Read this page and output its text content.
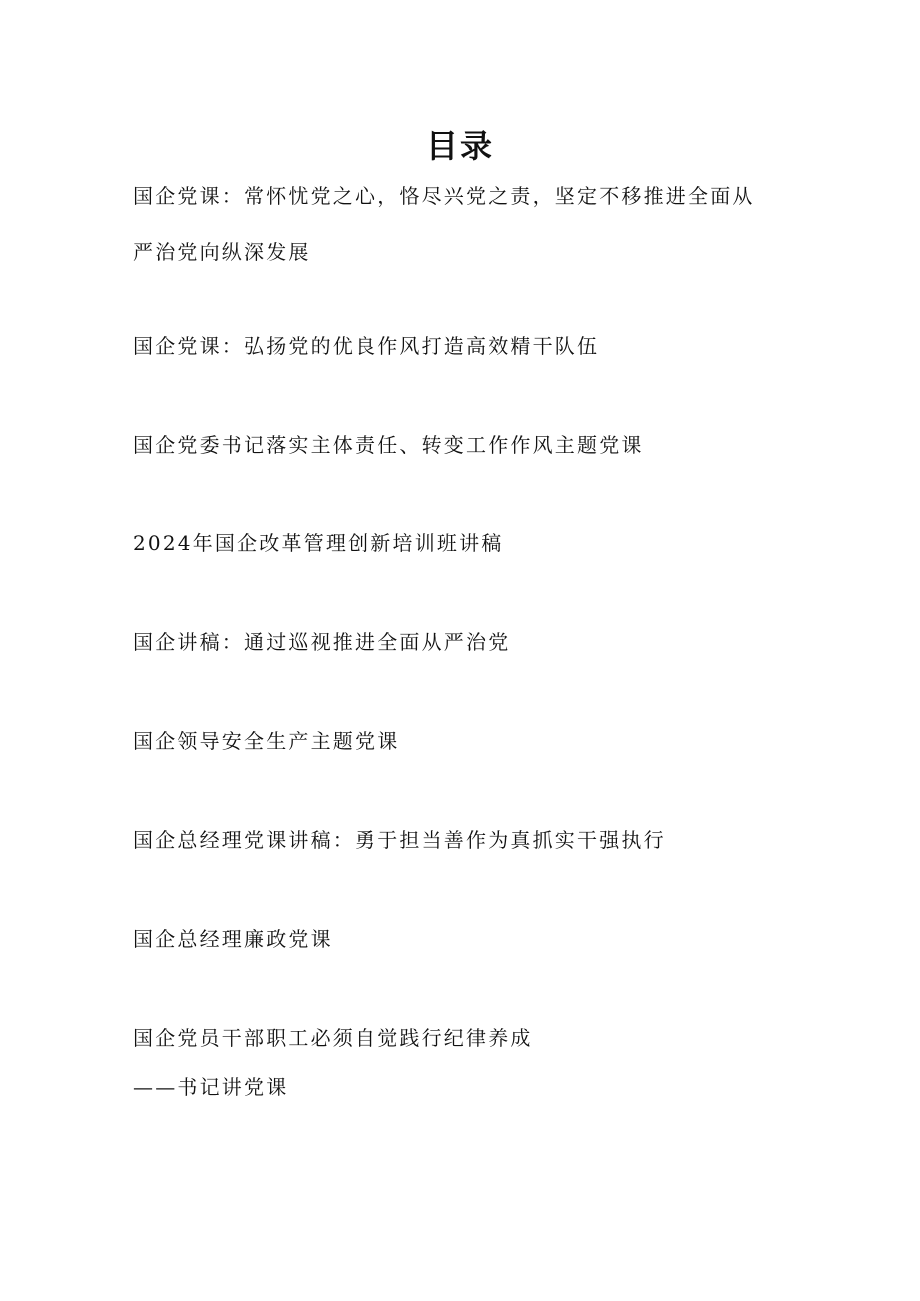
目录
国企党课：常怀忧党之心，恪尽兴党之责，坚定不移推进全面从
严治党向纵深发展
国企党课：弘扬党的优良作风打造高效精干队伍
国企党委书记落实主体责任、转变工作作风主题党课
2024年国企改革管理创新培训班讲稿
国企讲稿：通过巡视推进全面从严治党
国企领导安全生产主题党课
国企总经理党课讲稿：勇于担当善作为真抓实干强执行
国企总经理廉政党课
国企党员干部职工必须自觉践行纪律养成
——书记讲党课
